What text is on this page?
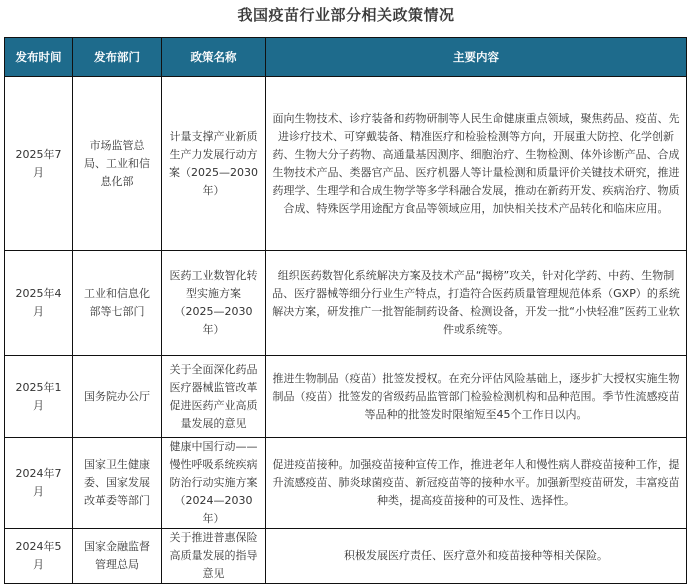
我国疫苗行业部分相关政策情况
发布时间	发布部门	政策名称	主要内容
2025年7月	市场监管总局、工业和信息化部	计量支撑产业新质生产力发展行动方案（2025—2030年）	面向生物技术、诊疗装备和药物研制等人民生命健康重点领域，聚焦药品、疫苗、先进诊疗技术、可穿戴装备、精准医疗和检验检测等方向，开展重大防控、化学创新药、生物大分子药物、高通量基因测序、细胞治疗、生物检测、体外诊断产品、合成生物技术产品、类器官产品、医疗机器人等计量检测和质量评价关键技术研究，推进药理学、生理学和合成生物学等多学科融合发展，推动在新药开发、疾病治疗、物质合成、特殊医学用途配方食品等领域应用，加快相关技术产品转化和临床应用。
2025年4月	工业和信息化部等七部门	医药工业数智化转型实施方案（2025—2030年）	组织医药数智化系统解决方案及技术产品“揭榜”攻关，针对化学药、中药、生物制品、医疗器械等细分行业生产特点，打造符合医药质量管理规范体系（GXP）的系统解决方案，研发推广一批智能制药设备、检测设备，开发一批“小快轻准”医药工业软件或系统等。
2025年1月	国务院办公厅	关于全面深化药品医疗器械监管改革促进医药产业高质量发展的意见	推进生物制品（疫苗）批签发授权。在充分评估风险基础上，逐步扩大授权实施生物制品（疫苗）批签发的省级药品监管部门检验检测机构和品种范围。季节性流感疫苗等品种的批签发时限缩短至45个工作日以内。
2024年7月	国家卫生健康委、国家发展改革委等部门	健康中国行动——慢性呼吸系统疾病防治行动实施方案（2024—2030年）	促进疫苗接种。加强疫苗接种宣传工作，推进老年人和慢性病人群疫苗接种工作，提升流感疫苗、肺炎球菌疫苗、新冠疫苗等的接种水平。加强新型疫苗研发，丰富疫苗种类，提高疫苗接种的可及性、选择性。
2024年5月	国家金融监督管理总局	关于推进普惠保险高质量发展的指导意见	积极发展医疗责任、医疗意外和疫苗接种等相关保险。
